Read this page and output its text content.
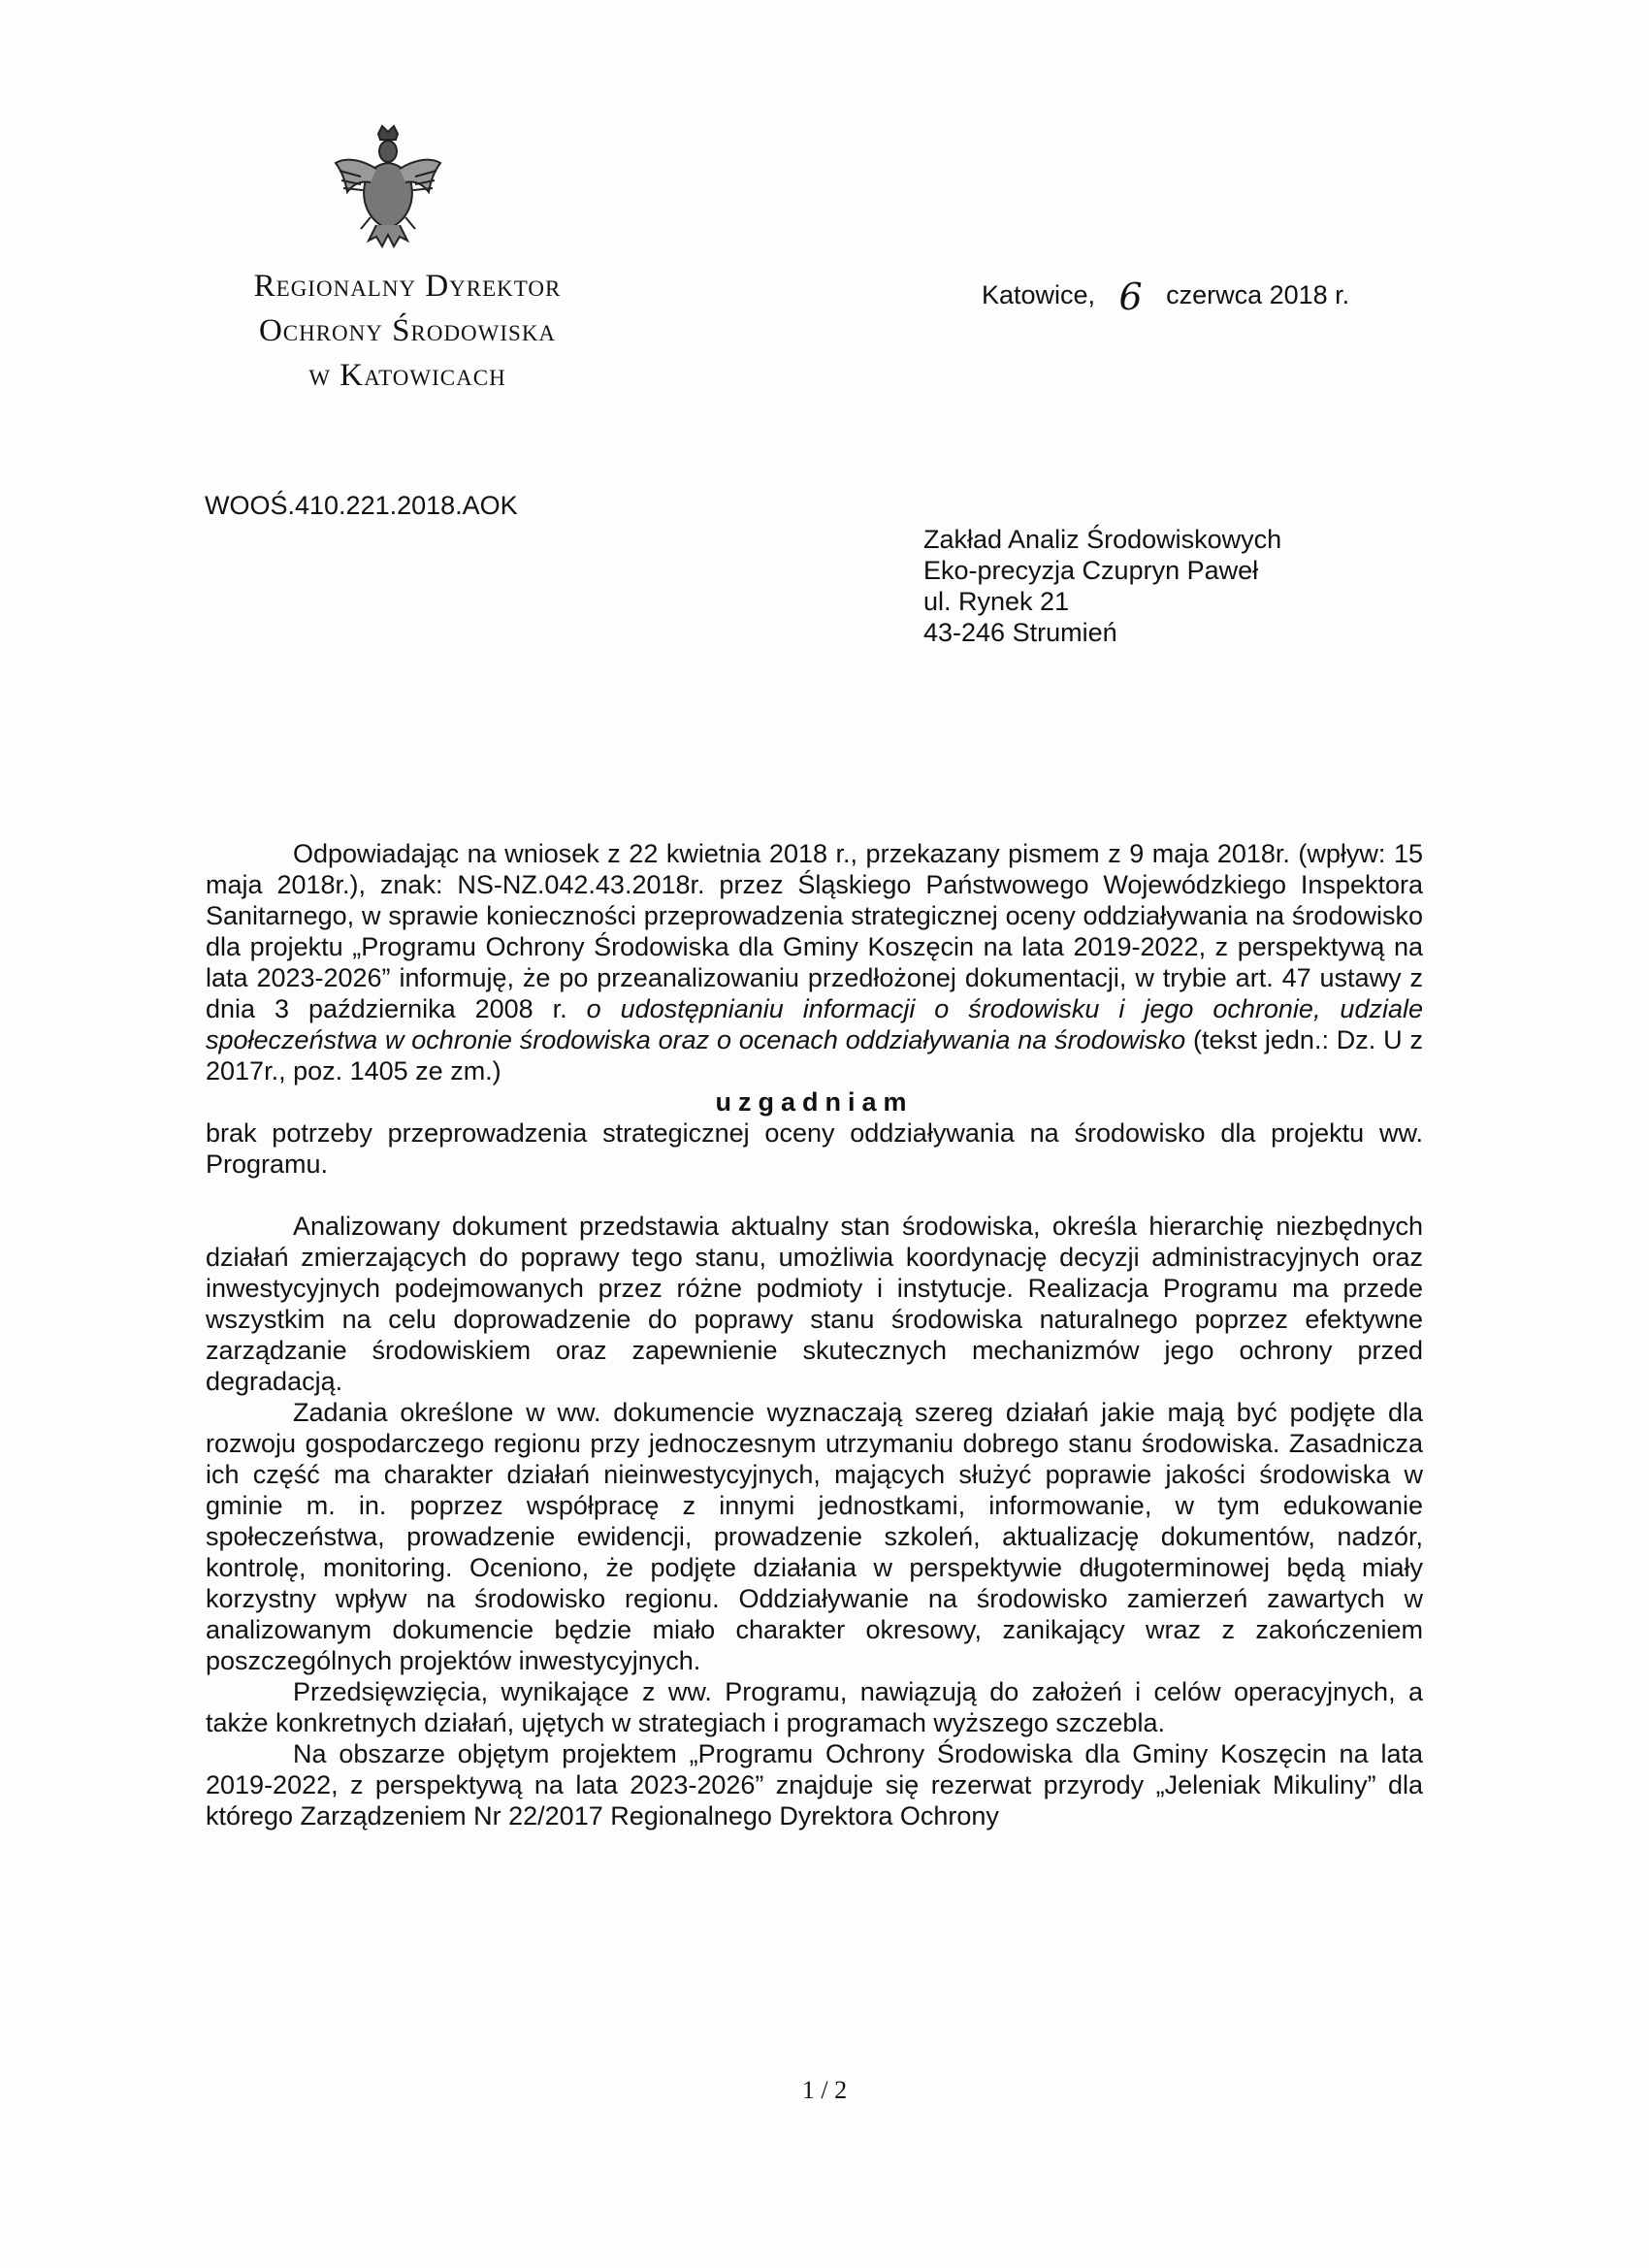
Regionalny Dyrektor
Ochrony Środowiska
w Katowicach
Katowice, 6 czerwca 2018 r.
WOOŚ.410.221.2018.AOK
Zakład Analiz Środowiskowych
Eko-precyzja Czupryn Paweł
ul. Rynek 21
43-246 Strumień

Odpowiadając na wniosek z 22 kwietnia 2018 r., przekazany pismem z 9 maja 2018r. (wpływ: 15 maja 2018r.), znak: NS-NZ.042.43.2018r. przez Śląskiego Państwowego Wojewódzkiego Inspektora Sanitarnego, w sprawie konieczności przeprowadzenia strategicznej oceny oddziaływania na środowisko dla projektu „Programu Ochrony Środowiska dla Gminy Koszęcin na lata 2019-2022, z perspektywą na lata 2023-2026” informuję, że po przeanalizowaniu przedłożonej dokumentacji, w trybie art. 47 ustawy z dnia 3 października 2008 r. o udostępnianiu informacji o środowisku i jego ochronie, udziale społeczeństwa w ochronie środowiska oraz o ocenach oddziaływania na środowisko (tekst jedn.: Dz. U z 2017r., poz. 1405 ze zm.)

uzgadniam

brak potrzeby przeprowadzenia strategicznej oceny oddziaływania na środowisko dla projektu ww. Programu.

Analizowany dokument przedstawia aktualny stan środowiska, określa hierarchię niezbędnych działań zmierzających do poprawy tego stanu, umożliwia koordynację decyzji administracyjnych oraz inwestycyjnych podejmowanych przez różne podmioty i instytucje. Realizacja Programu ma przede wszystkim na celu doprowadzenie do poprawy stanu środowiska naturalnego poprzez efektywne zarządzanie środowiskiem oraz zapewnienie skutecznych mechanizmów jego ochrony przed degradacją.

Zadania określone w ww. dokumencie wyznaczają szereg działań jakie mają być podjęte dla rozwoju gospodarczego regionu przy jednoczesnym utrzymaniu dobrego stanu środowiska. Zasadnicza ich część ma charakter działań nieinwestycyjnych, mających służyć poprawie jakości środowiska w gminie m. in. poprzez współpracę z innymi jednostkami, informowanie, w tym edukowanie społeczeństwa, prowadzenie ewidencji, prowadzenie szkoleń, aktualizację dokumentów, nadzór, kontrolę, monitoring. Oceniono, że podjęte działania w perspektywie długoterminowej będą miały korzystny wpływ na środowisko regionu. Oddziaływanie na środowisko zamierzeń zawartych w analizowanym dokumencie będzie miało charakter okresowy, zanikający wraz z zakończeniem poszczególnych projektów inwestycyjnych.

Przedsięwzięcia, wynikające z ww. Programu, nawiązują do założeń i celów operacyjnych, a także konkretnych działań, ujętych w strategiach i programach wyższego szczebla.

Na obszarze objętym projektem „Programu Ochrony Środowiska dla Gminy Koszęcin na lata 2019-2022, z perspektywą na lata 2023-2026” znajduje się rezerwat przyrody „Jeleniak Mikuliny” dla którego Zarządzeniem Nr 22/2017 Regionalnego Dyrektora Ochrony

1 / 2
